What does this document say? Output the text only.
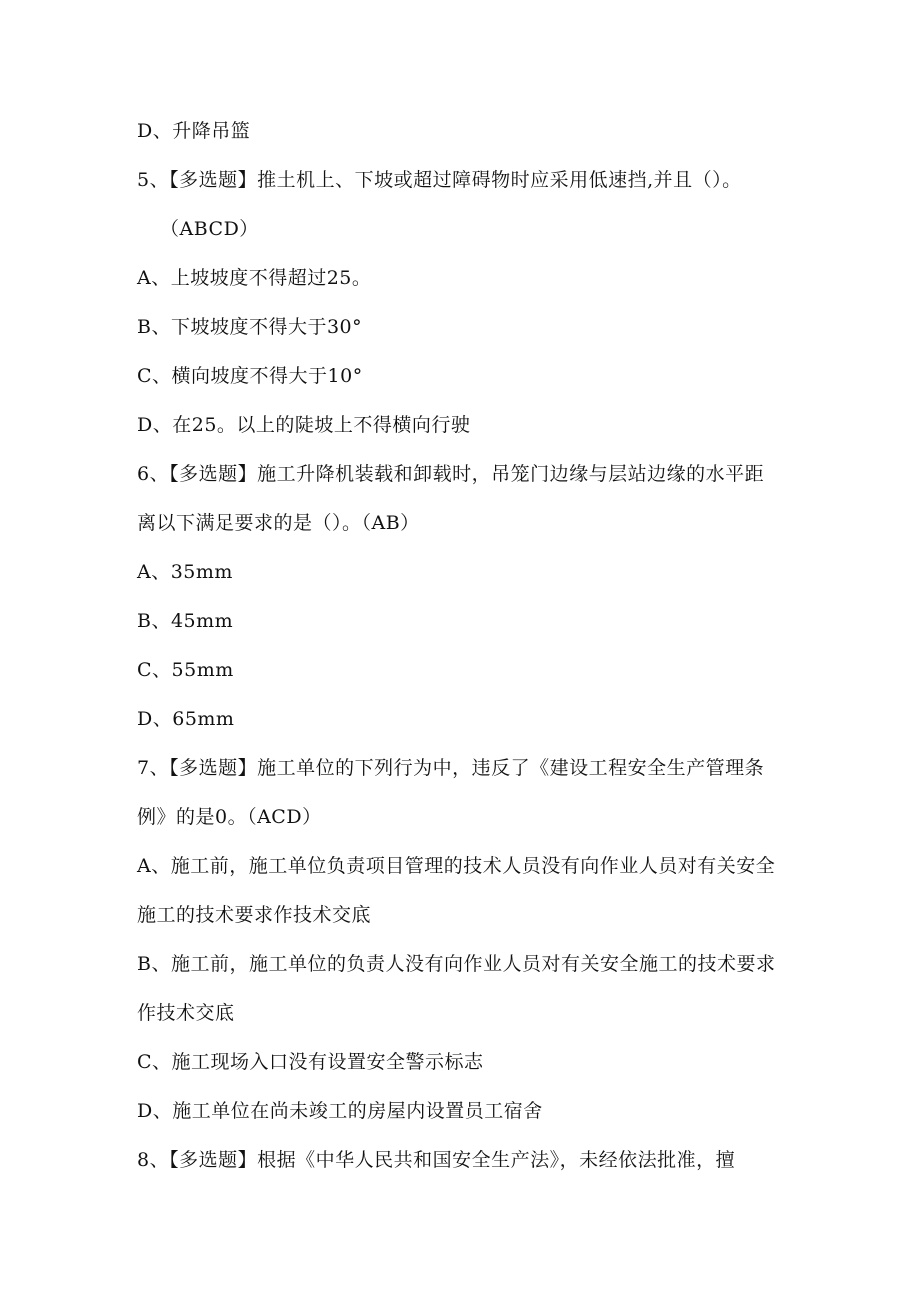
D、升降吊篮
5、【多选题】推土机上、下坡或超过障碍物时应采用低速挡,并且（）。
（ABCD）
A、上坡坡度不得超过25。
B、下坡坡度不得大于30°
C、横向坡度不得大于10°
D、在25。以上的陡坡上不得横向行驶
6、【多选题】施工升降机装载和卸载时，吊笼门边缘与层站边缘的水平距
离以下满足要求的是（）。（AB）
A、35mm
B、45mm
C、55mm
D、65mm
7、【多选题】施工单位的下列行为中，违反了《建设工程安全生产管理条
例》的是0。（ACD）
A、施工前，施工单位负责项目管理的技术人员没有向作业人员对有关安全
施工的技术要求作技术交底
B、施工前，施工单位的负责人没有向作业人员对有关安全施工的技术要求
作技术交底
C、施工现场入口没有设置安全警示标志
D、施工单位在尚未竣工的房屋内设置员工宿舍
8、【多选题】根据《中华人民共和国安全生产法》，未经依法批准，擅
